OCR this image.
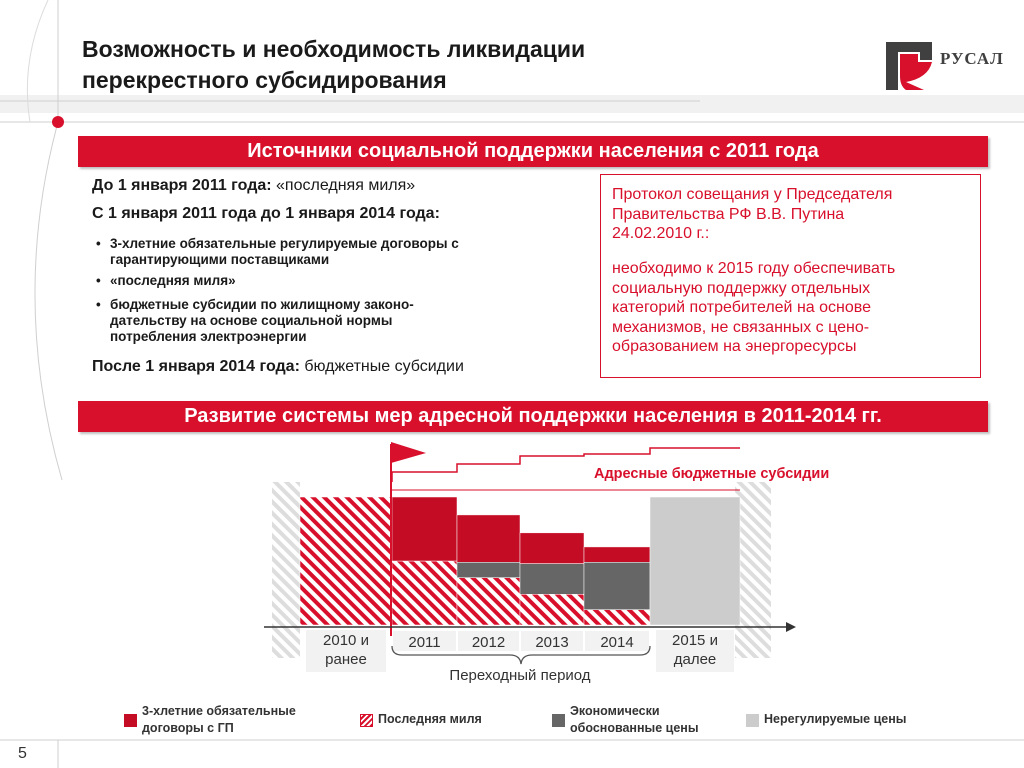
Возможность и необходимость ликвидации
перекрестного субсидирования
РУСАЛ
Источники социальной поддержки населения с 2011 года
До 1 января 2011 года: «последняя миля»
С 1 января 2011 года до 1 января 2014 года:
• 3-хлетние обязательные регулируемые договоры с
гарантирующими поставщиками
• «последняя миля»
• бюджетные субсидии по жилищному законо-
дательству на основе социальной нормы
потребления электроэнергии
После 1 января 2014 года: бюджетные субсидии
Протокол совещания у Председателя
Правительства РФ В.В. Путина
24.02.2010 г.:
необходимо к 2015 году обеспечивать
социальную поддержку отдельных
категорий потребителей на основе
механизмов, не связанных с цено-
образованием на энергоресурсы
Развитие системы мер адресной поддержки населения в 2011-2014 гг.
Адресные бюджетные субсидии
2010 и
ранее
2011 2012 2013 2014	2015 и
далее
Переходный период
3-хлетние обязательные
договоры с ГП
Последняя миля
Экономически
обоснованные цены
Нерегулируемые цены
5
